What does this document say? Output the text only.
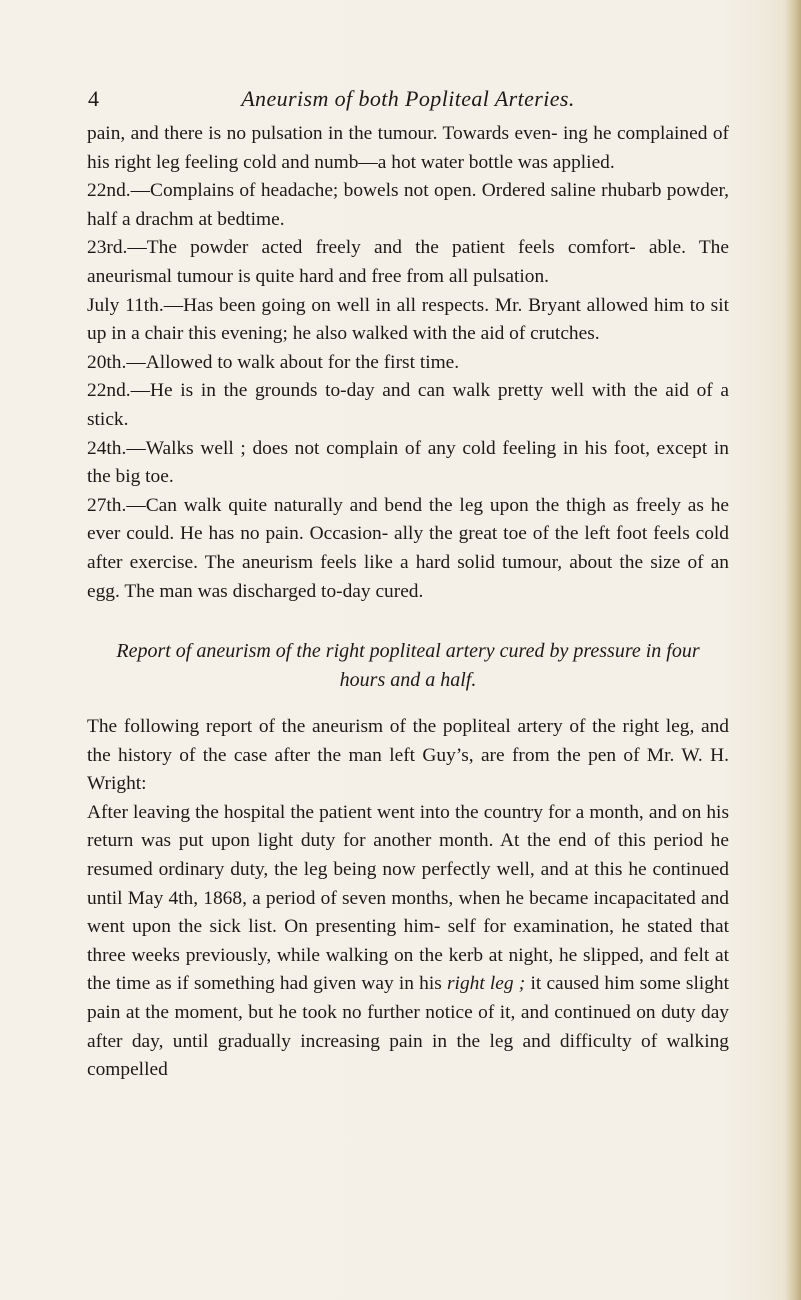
4	Aneurism of both Popliteal Arteries.

pain, and there is no pulsation in the tumour. Towards even- ing he complained of his right leg feeling cold and numb—a hot water bottle was applied.

22nd.—Complains of headache; bowels not open. Ordered saline rhubarb powder, half a drachm at bedtime.

23rd.—The powder acted freely and the patient feels comfort- able. The aneurismal tumour is quite hard and free from all pulsation.

July 11th.—Has been going on well in all respects. Mr. Bryant allowed him to sit up in a chair this evening; he also walked with the aid of crutches.

20th.—Allowed to walk about for the first time.

22nd.—He is in the grounds to-day and can walk pretty well with the aid of a stick.

24th.—Walks well ; does not complain of any cold feeling in his foot, except in the big toe.

27th.—Can walk quite naturally and bend the leg upon the thigh as freely as he ever could. He has no pain. Occasion- ally the great toe of the left foot feels cold after exercise. The aneurism feels like a hard solid tumour, about the size of an egg. The man was discharged to-day cured.

Report of aneurism of the right popliteal artery cured by pressure in four hours and a half.

The following report of the aneurism of the popliteal artery of the right leg, and the history of the case after the man left Guy’s, are from the pen of Mr. W. H. Wright:

After leaving the hospital the patient went into the country for a month, and on his return was put upon light duty for another month. At the end of this period he resumed ordinary duty, the leg being now perfectly well, and at this he continued until May 4th, 1868, a period of seven months, when he became incapacitated and went upon the sick list. On presenting him- self for examination, he stated that three weeks previously, while walking on the kerb at night, he slipped, and felt at the time as if something had given way in his right leg ; it caused him some slight pain at the moment, but he took no further notice of it, and continued on duty day after day, until gradually increasing pain in the leg and difficulty of walking compelled
